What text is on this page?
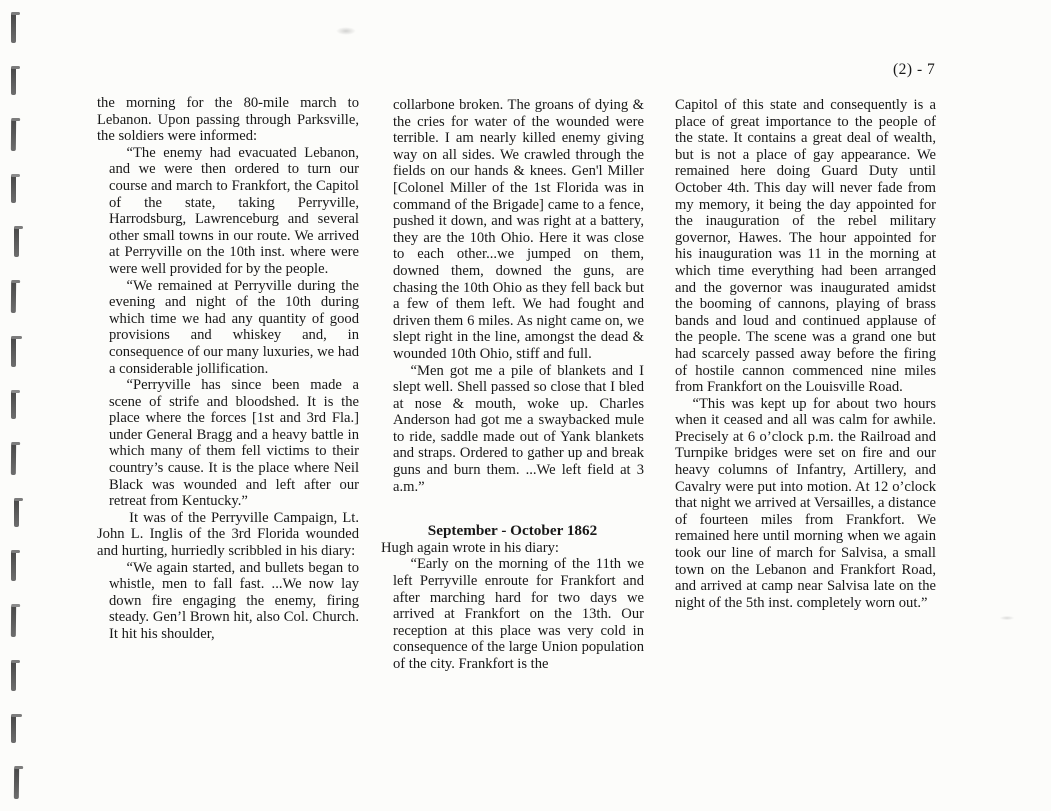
(2) - 7

the morning for the 80-mile march to Lebanon. Upon passing through Parksville, the soldiers were informed:

“The enemy had evacuated Lebanon, and we were then ordered to turn our course and march to Frankfort, the Capitol of the state, taking Perryville, Harrodsburg, Lawrenceburg and several other small towns in our route. We arrived at Perryville on the 10th inst. where were were well provided for by the people.

“We remained at Perryville during the evening and night of the 10th during which time we had any quantity of good provisions and whiskey and, in consequence of our many luxuries, we had a considerable jollification.

“Perryville has since been made a scene of strife and bloodshed. It is the place where the forces [1st and 3rd Fla.] under General Bragg and a heavy battle in which many of them fell victims to their country’s cause. It is the place where Neil Black was wounded and left after our retreat from Kentucky.”

It was of the Perryville Campaign, Lt. John L. Inglis of the 3rd Florida wounded and hurting, hurriedly scribbled in his diary:

“We again started, and bullets began to whistle, men to fall fast. ...We now lay down fire engaging the enemy, firing steady. Gen’l Brown hit, also Col. Church. It hit his shoulder,

collarbone broken. The groans of dying & the cries for water of the wounded were terrible. I am nearly killed enemy giving way on all sides. We crawled through the fields on our hands & knees. Gen'l Miller [Colonel Miller of the 1st Florida was in command of the Brigade] came to a fence, pushed it down, and was right at a battery, they are the 10th Ohio. Here it was close to each other...we jumped on them, downed them, downed the guns, are chasing the 10th Ohio as they fell back but a few of them left. We had fought and driven them 6 miles. As night came on, we slept right in the line, amongst the dead & wounded 10th Ohio, stiff and full.

“Men got me a pile of blankets and I slept well. Shell passed so close that I bled at nose & mouth, woke up. Charles Anderson had got me a swaybacked mule to ride, saddle made out of Yank blankets and straps. Ordered to gather up and break guns and burn them. ...We left field at 3 a.m.”

September - October 1862

Hugh again wrote in his diary:

“Early on the morning of the 11th we left Perryville enroute for Frankfort and after marching hard for two days we arrived at Frankfort on the 13th. Our reception at this place was very cold in consequence of the large Union population of the city. Frankfort is the

Capitol of this state and consequently is a place of great importance to the people of the state. It contains a great deal of wealth, but is not a place of gay appearance. We remained here doing Guard Duty until October 4th. This day will never fade from my memory, it being the day appointed for the inauguration of the rebel military governor, Hawes. The hour appointed for his inauguration was 11 in the morning at which time everything had been arranged and the governor was inaugurated amidst the booming of cannons, playing of brass bands and loud and continued applause of the people. The scene was a grand one but had scarcely passed away before the firing of hostile cannon commenced nine miles from Frankfort on the Louisville Road.

“This was kept up for about two hours when it ceased and all was calm for awhile. Precisely at 6 o’clock p.m. the Railroad and Turnpike bridges were set on fire and our heavy columns of Infantry, Artillery, and Cavalry were put into motion. At 12 o’clock that night we arrived at Versailles, a distance of fourteen miles from Frankfort. We remained here until morning when we again took our line of march for Salvisa, a small town on the Lebanon and Frankfort Road, and arrived at camp near Salvisa late on the night of the 5th inst. completely worn out.”
